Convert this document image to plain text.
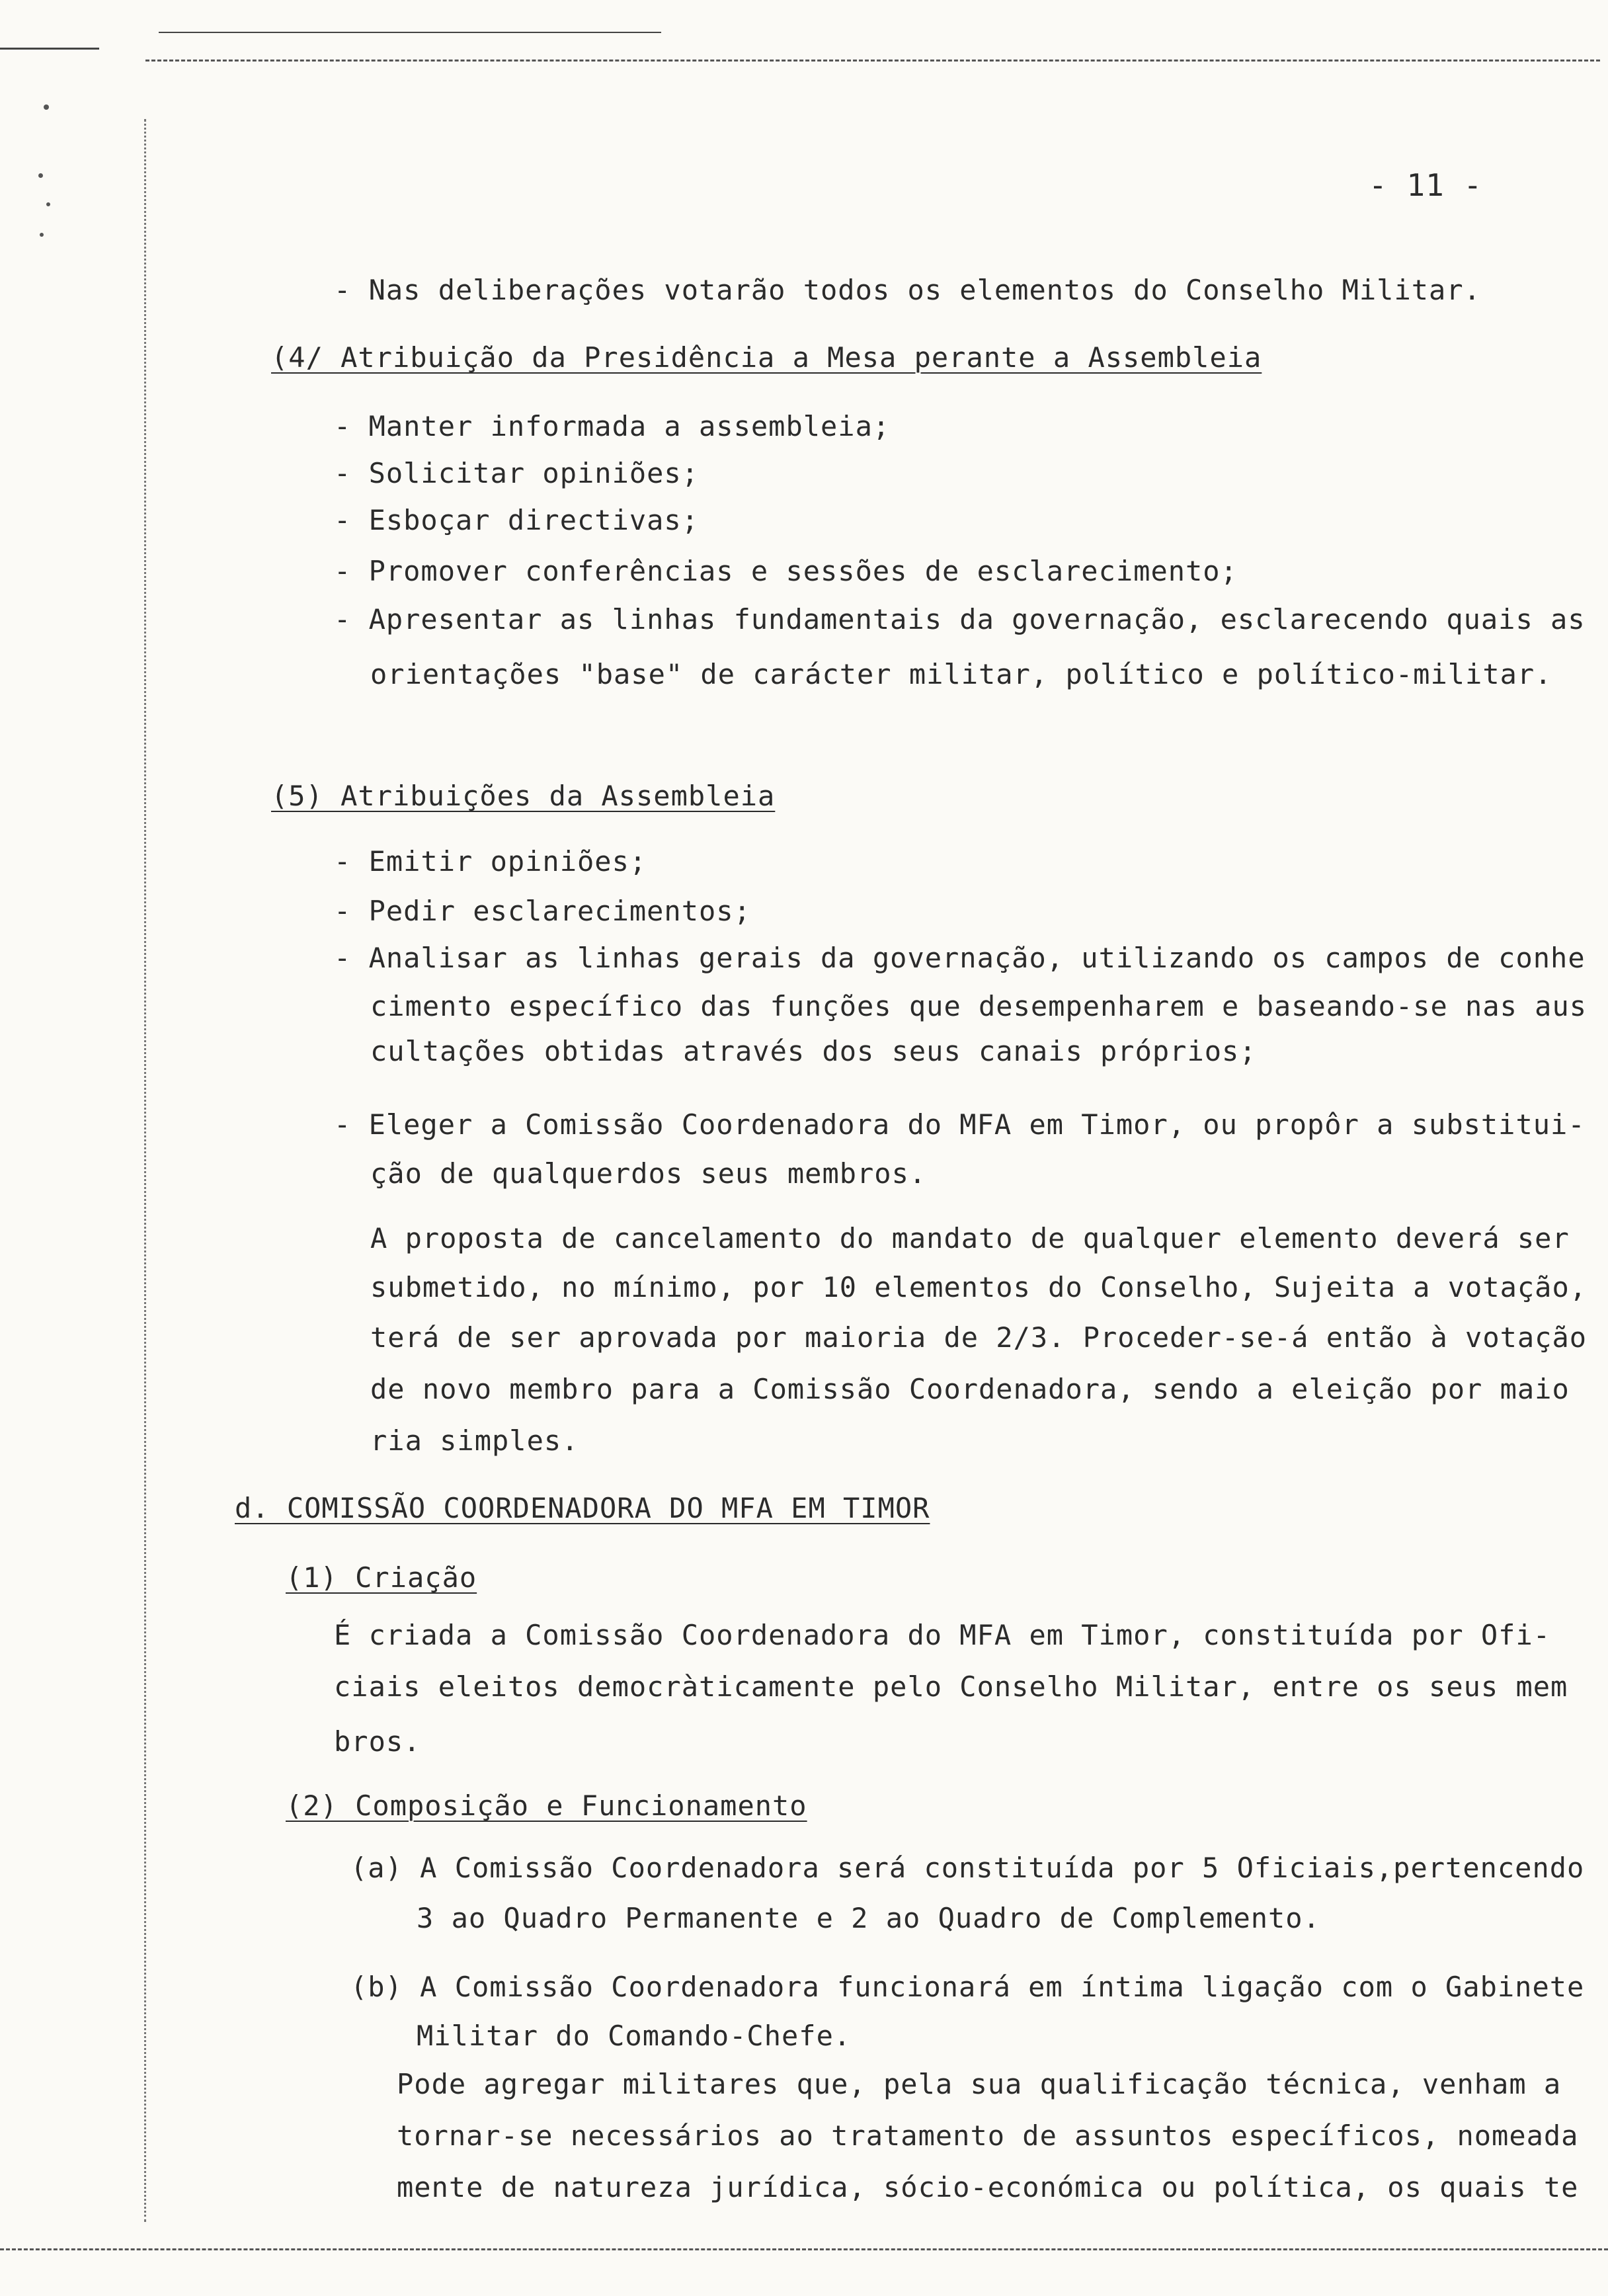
- 11 -
- Nas deliberações votarão todos os elementos do Conselho Militar.
(4/ Atribuição da Presidência a Mesa perante a Assembleia
- Manter informada a assembleia;
- Solicitar opiniões;
- Esboçar directivas;
- Promover conferências e sessões de esclarecimento;
- Apresentar as linhas fundamentais da governação, esclarecendo quais as
orientações "base" de carácter militar, político e político-militar.
(5) Atribuições da Assembleia
- Emitir opiniões;
- Pedir esclarecimentos;
- Analisar as linhas gerais da governação, utilizando os campos de conhe
cimento específico das funções que desempenharem e baseando-se nas aus
cultações obtidas através dos seus canais próprios;
- Eleger a Comissão Coordenadora do MFA em Timor, ou propôr a substitui-
ção de qualquerdos seus membros.
A proposta de cancelamento do mandato de qualquer elemento deverá ser
submetido, no mínimo, por 10 elementos do Conselho, Sujeita a votação,
terá de ser aprovada por maioria de 2/3. Proceder-se-á então à votação
de novo membro para a Comissão Coordenadora, sendo a eleição por maio
ria simples.
d. COMISSÃO COORDENADORA DO MFA EM TIMOR
(1) Criação
É criada a Comissão Coordenadora do MFA em Timor, constituída por Ofi-
ciais eleitos democràticamente pelo Conselho Militar, entre os seus mem
bros.
(2) Composição e Funcionamento
(a) A Comissão Coordenadora será constituída por 5 Oficiais,pertencendo
3 ao Quadro Permanente e 2 ao Quadro de Complemento.
(b) A Comissão Coordenadora funcionará em íntima ligação com o Gabinete
Militar do Comando-Chefe.
Pode agregar militares que, pela sua qualificação técnica, venham a
tornar-se necessários ao tratamento de assuntos específicos, nomeada
mente de natureza jurídica, sócio-económica ou política, os quais te
